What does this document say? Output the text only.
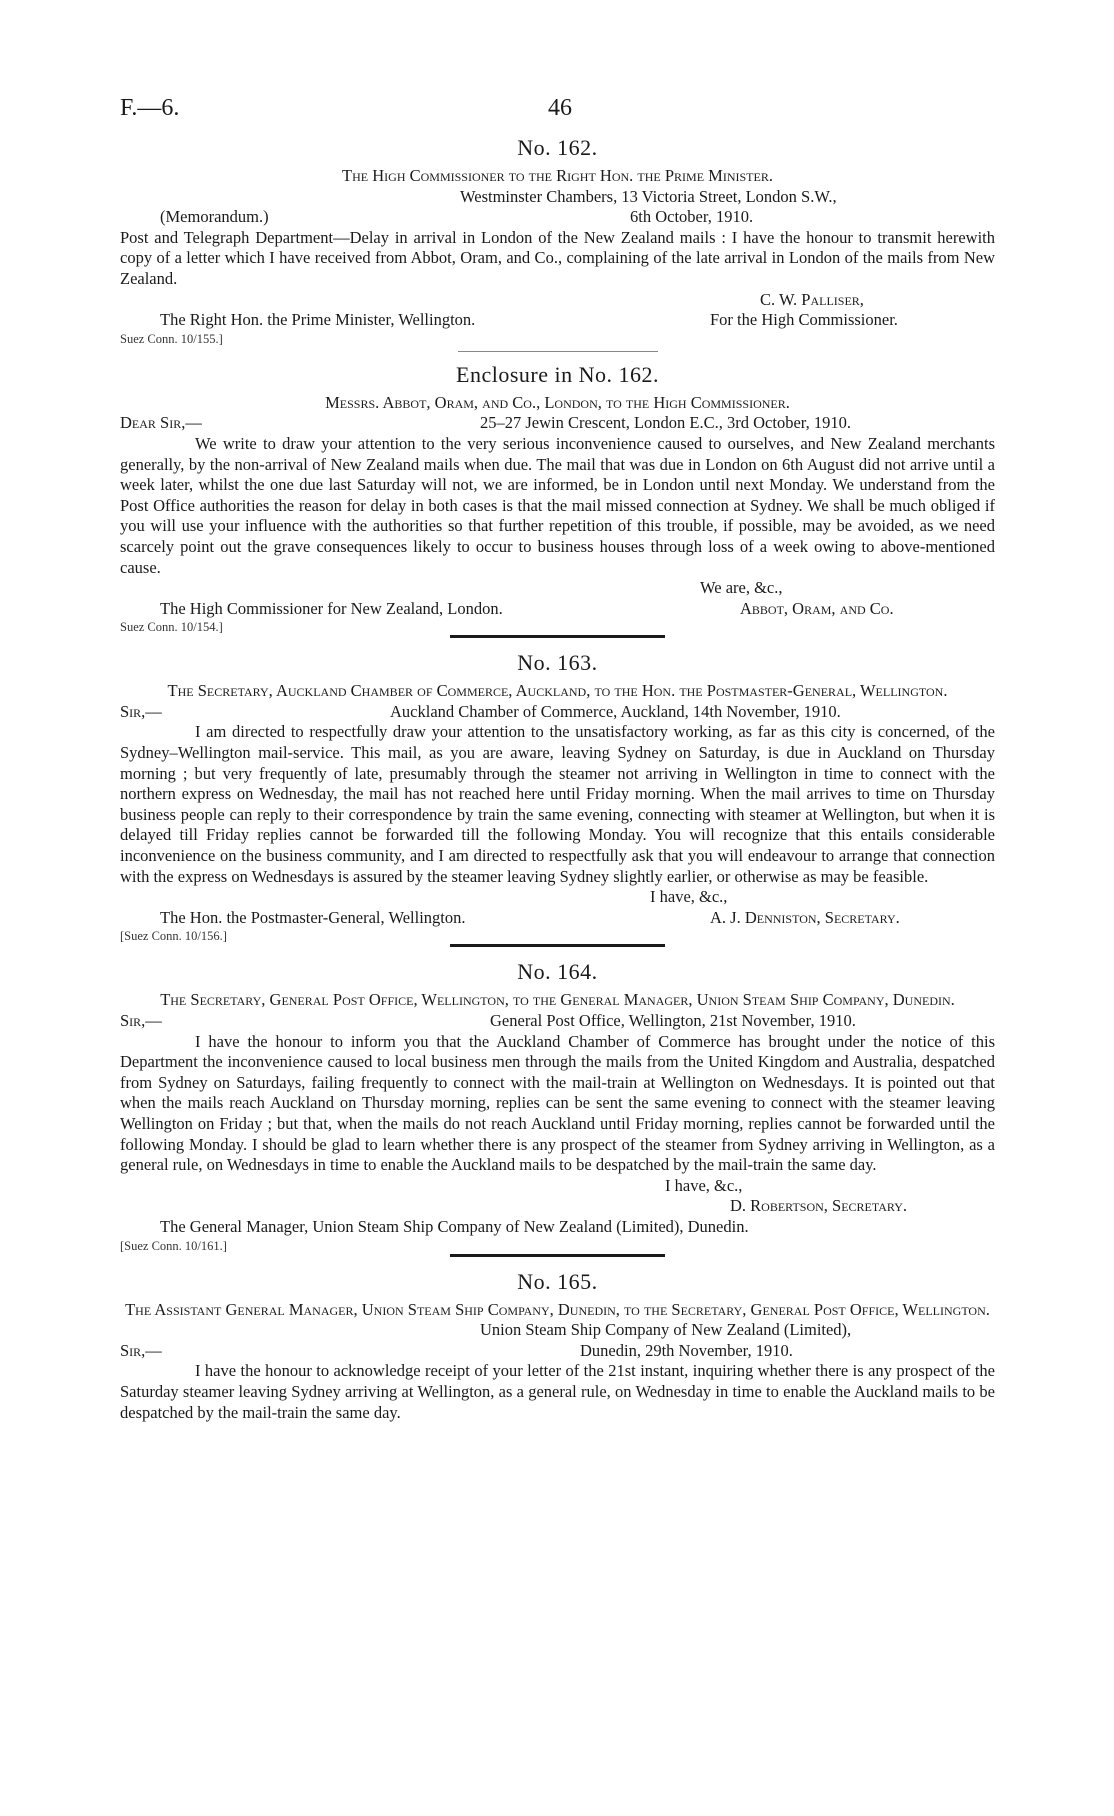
F.—6.	46
No. 162.

The High Commissioner to the Right Hon. the Prime Minister.

Westminster Chambers, 13 Victoria Street, London S.W.,
(Memorandum.)	6th October, 1910.

Post and Telegraph Department—Delay in arrival in London of the New Zealand mails : I have the honour to transmit herewith copy of a letter which I have received from Abbot, Oram, and Co., complaining of the late arrival in London of the mails from New Zealand.

C. W. Palliser,
The Right Hon. the Prime Minister, Wellington.	For the High Commissioner.

Suez Conn. 10/155.]

Enclosure in No. 162.

Messrs. Abbot, Oram, and Co., London, to the High Commissioner.

Dear Sir,—	25–27 Jewin Crescent, London E.C., 3rd October, 1910.

We write to draw your attention to the very serious inconvenience caused to ourselves, and New Zealand merchants generally, by the non-arrival of New Zealand mails when due. The mail that was due in London on 6th August did not arrive until a week later, whilst the one due last Saturday will not, we are informed, be in London until next Monday. We understand from the Post Office authorities the reason for delay in both cases is that the mail missed connection at Sydney. We shall be much obliged if you will use your influence with the authorities so that further repetition of this trouble, if possible, may be avoided, as we need scarcely point out the grave consequences likely to occur to business houses through loss of a week owing to above-mentioned cause.

We are, &c.,
The High Commissioner for New Zealand, London.	Abbot, Oram, and Co.

Suez Conn. 10/154.]

No. 163.

The Secretary, Auckland Chamber of Commerce, Auckland, to the Hon. the Postmaster-General, Wellington.

Sir,—	Auckland Chamber of Commerce, Auckland, 14th November, 1910.

I am directed to respectfully draw your attention to the unsatisfactory working, as far as this city is concerned, of the Sydney–Wellington mail-service. This mail, as you are aware, leaving Sydney on Saturday, is due in Auckland on Thursday morning ; but very frequently of late, presumably through the steamer not arriving in Wellington in time to connect with the northern express on Wednesday, the mail has not reached here until Friday morning. When the mail arrives to time on Thursday business people can reply to their correspondence by train the same evening, connecting with steamer at Wellington, but when it is delayed till Friday replies cannot be forwarded till the following Monday. You will recognize that this entails considerable inconvenience on the business community, and I am directed to respectfully ask that you will endeavour to arrange that connection with the express on Wednesdays is assured by the steamer leaving Sydney slightly earlier, or otherwise as may be feasible.

I have, &c.,
The Hon. the Postmaster-General, Wellington.	A. J. Denniston, Secretary.

[Suez Conn. 10/156.]

No. 164.

The Secretary, General Post Office, Wellington, to the General Manager, Union Steam Ship Company, Dunedin.

Sir,—	General Post Office, Wellington, 21st November, 1910.

I have the honour to inform you that the Auckland Chamber of Commerce has brought under the notice of this Department the inconvenience caused to local business men through the mails from the United Kingdom and Australia, despatched from Sydney on Saturdays, failing frequently to connect with the mail-train at Wellington on Wednesdays. It is pointed out that when the mails reach Auckland on Thursday morning, replies can be sent the same evening to connect with the steamer leaving Wellington on Friday ; but that, when the mails do not reach Auckland until Friday morning, replies cannot be forwarded until the following Monday. I should be glad to learn whether there is any prospect of the steamer from Sydney arriving in Wellington, as a general rule, on Wednesdays in time to enable the Auckland mails to be despatched by the mail-train the same day.

I have, &c.,
D. Robertson, Secretary.
The General Manager, Union Steam Ship Company of New Zealand (Limited), Dunedin.

[Suez Conn. 10/161.]

No. 165.

The Assistant General Manager, Union Steam Ship Company, Dunedin, to the Secretary, General Post Office, Wellington.

Union Steam Ship Company of New Zealand (Limited),
Sir,—	Dunedin, 29th November, 1910.

I have the honour to acknowledge receipt of your letter of the 21st instant, inquiring whether there is any prospect of the Saturday steamer leaving Sydney arriving at Wellington, as a general rule, on Wednesday in time to enable the Auckland mails to be despatched by the mail-train the same day.
